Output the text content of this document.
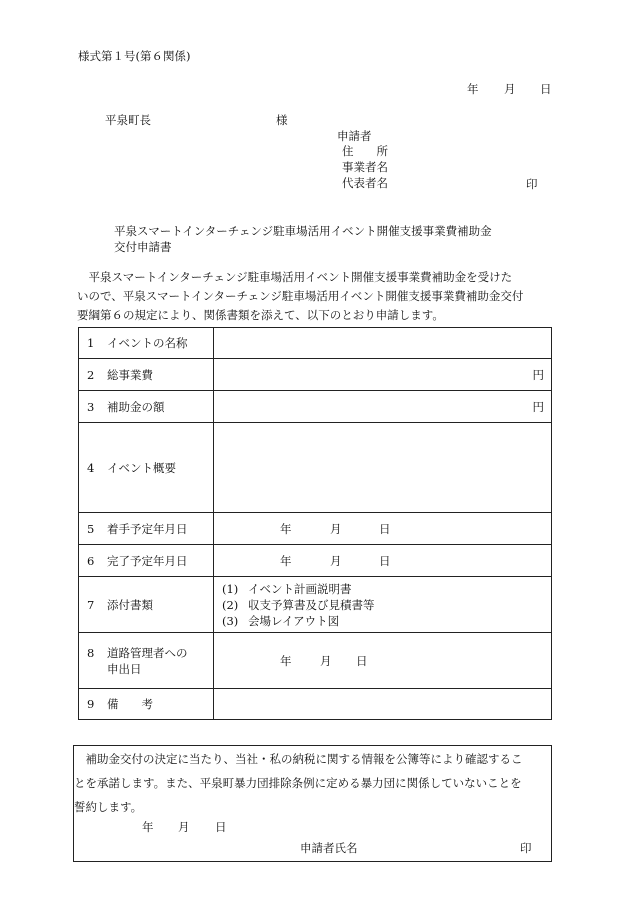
様式第１号(第６関係)
年 月 日
平泉町長	様
申請者
住　　所
事業者名
代表者名	印
平泉スマートインターチェンジ駐車場活用イベント開催支援事業費補助金
交付申請書
　平泉スマートインターチェンジ駐車場活用イベント開催支援事業費補助金を受けた
いので、平泉スマートインターチェンジ駐車場活用イベント開催支援事業費補助金交付
要綱第６の規定により、関係書類を添えて、以下のとおり申請します。
1 イベントの名称	
2 総事業費	円

3 補助金の額	円

4 イベント概要	
5 着手予定年月日	年 月 日

6 完了予定年月日	年 月 日

7 添付書類	(1) イベント計画説明書
(2) 収支予算書及び見積書等
(3) 会場レイアウト図

8 道路管理者への
申出日	年 月 日

9 備　　考	
　補助金交付の決定に当たり、当社・私の納税に関する情報を公簿等により確認するこ
とを承諾します。また、平泉町暴力団排除条例に定める暴力団に関係していないことを
誓約します。
年 月 日
申請者氏名	印
